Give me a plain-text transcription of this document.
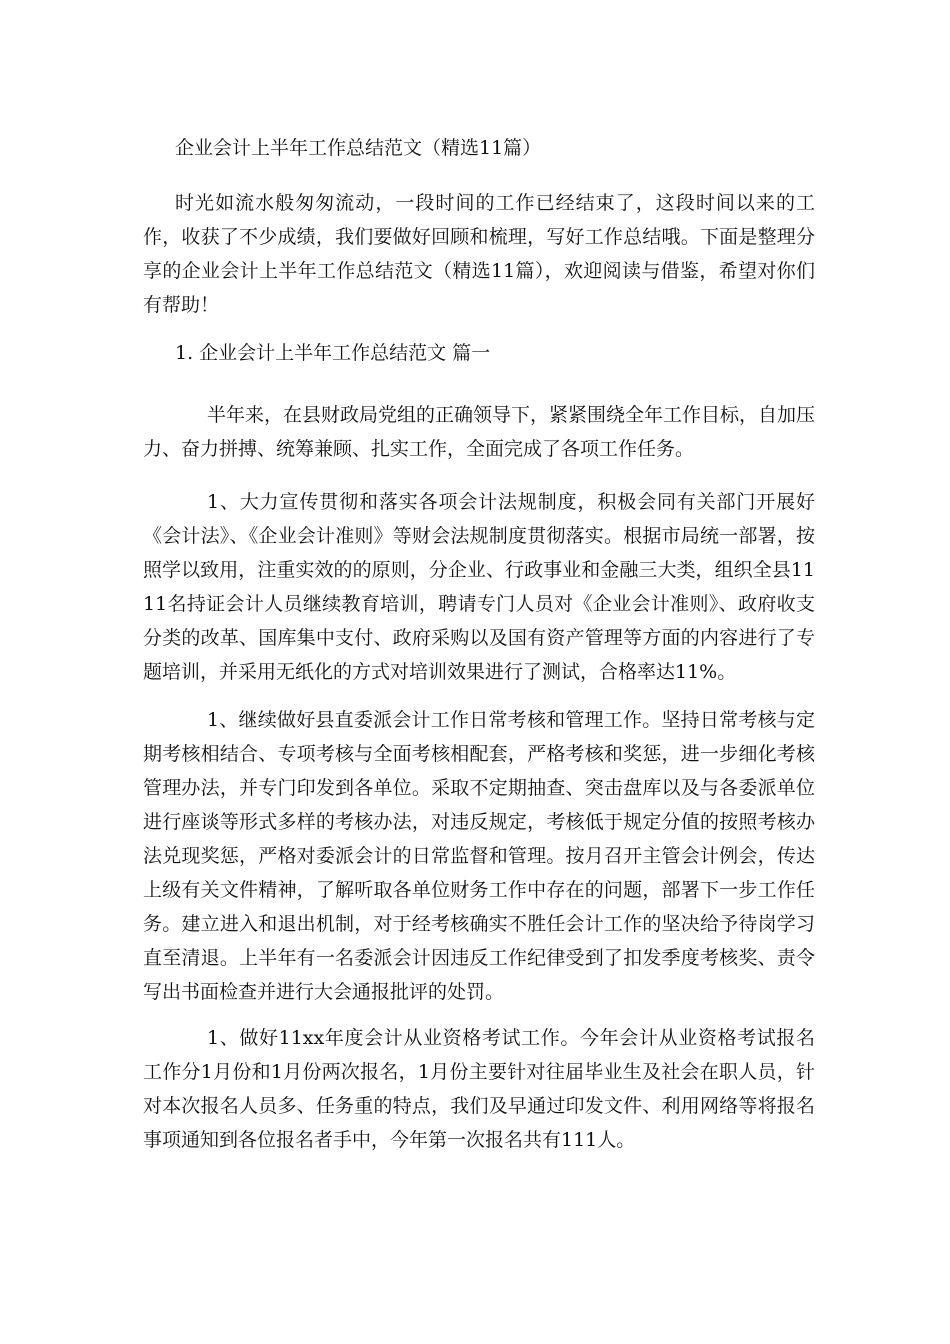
企业会计上半年工作总结范文（精选11篇）

时光如流水般匆匆流动，一段时间的工作已经结束了，这段时间以来的工作，收获了不少成绩，我们要做好回顾和梳理，写好工作总结哦。下面是整理分享的企业会计上半年工作总结范文（精选11篇），欢迎阅读与借鉴，希望对你们有帮助！

1. 企业会计上半年工作总结范文 篇一

半年来，在县财政局党组的正确领导下，紧紧围绕全年工作目标，自加压力、奋力拼搏、统筹兼顾、扎实工作，全面完成了各项工作任务。

1、大力宣传贯彻和落实各项会计法规制度，积极会同有关部门开展好《会计法》、《企业会计准则》等财会法规制度贯彻落实。根据市局统一部署，按照学以致用，注重实效的的原则，分企业、行政事业和金融三大类，组织全县1111名持证会计人员继续教育培训，聘请专门人员对《企业会计准则》、政府收支分类的改革、国库集中支付、政府采购以及国有资产管理等方面的内容进行了专题培训，并采用无纸化的方式对培训效果进行了测试，合格率达11%。

1、继续做好县直委派会计工作日常考核和管理工作。坚持日常考核与定期考核相结合、专项考核与全面考核相配套，严格考核和奖惩，进一步细化考核管理办法，并专门印发到各单位。采取不定期抽查、突击盘库以及与各委派单位进行座谈等形式多样的考核办法，对违反规定，考核低于规定分值的按照考核办法兑现奖惩，严格对委派会计的日常监督和管理。按月召开主管会计例会，传达上级有关文件精神，了解听取各单位财务工作中存在的问题，部署下一步工作任务。建立进入和退出机制，对于经考核确实不胜任会计工作的坚决给予待岗学习直至清退。上半年有一名委派会计因违反工作纪律受到了扣发季度考核奖、责令写出书面检查并进行大会通报批评的处罚。

1、做好11xx年度会计从业资格考试工作。今年会计从业资格考试报名工作分1月份和1月份两次报名，1月份主要针对往届毕业生及社会在职人员，针对本次报名人员多、任务重的特点，我们及早通过印发文件、利用网络等将报名事项通知到各位报名者手中，今年第一次报名共有111人。
